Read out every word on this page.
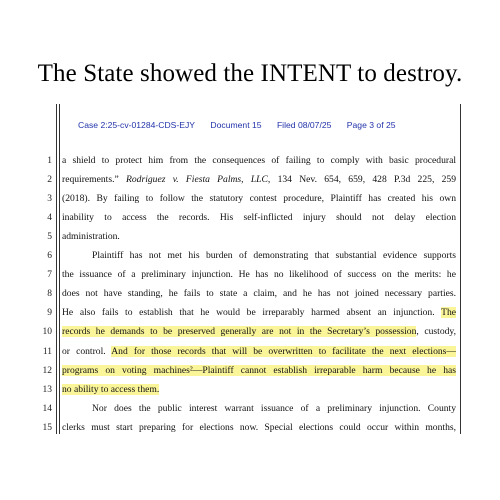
The State showed the INTENT to destroy.
Case 2:25-cv-01284-CDS-EJY Document 15 Filed 08/07/25 Page 3 of 25
1 a shield to protect him from the consequences of failing to comply with basic procedural
2 requirements.” Rodriguez v. Fiesta Palms, LLC, 134 Nev. 654, 659, 428 P.3d 225, 259
3 (2018). By failing to follow the statutory contest procedure, Plaintiff has created his own
4 inability to access the records. His self-inflicted injury should not delay election
5 administration.
6	Plaintiff has not met his burden of demonstrating that substantial evidence supports
7 the issuance of a preliminary injunction. He has no likelihood of success on the merits: he
8 does not have standing, he fails to state a claim, and he has not joined necessary parties.
9 He also fails to establish that he would be irreparably harmed absent an injunction. The
10 records he demands to be preserved generally are not in the Secretary’s possession, custody,
11 or control. And for those records that will be overwritten to facilitate the next elections—
12 programs on voting machines²—Plaintiff cannot establish irreparable harm because he has
13 no ability to access them.
14	Nor does the public interest warrant issuance of a preliminary injunction. County
15 clerks must start preparing for elections now. Special elections could occur within months,
